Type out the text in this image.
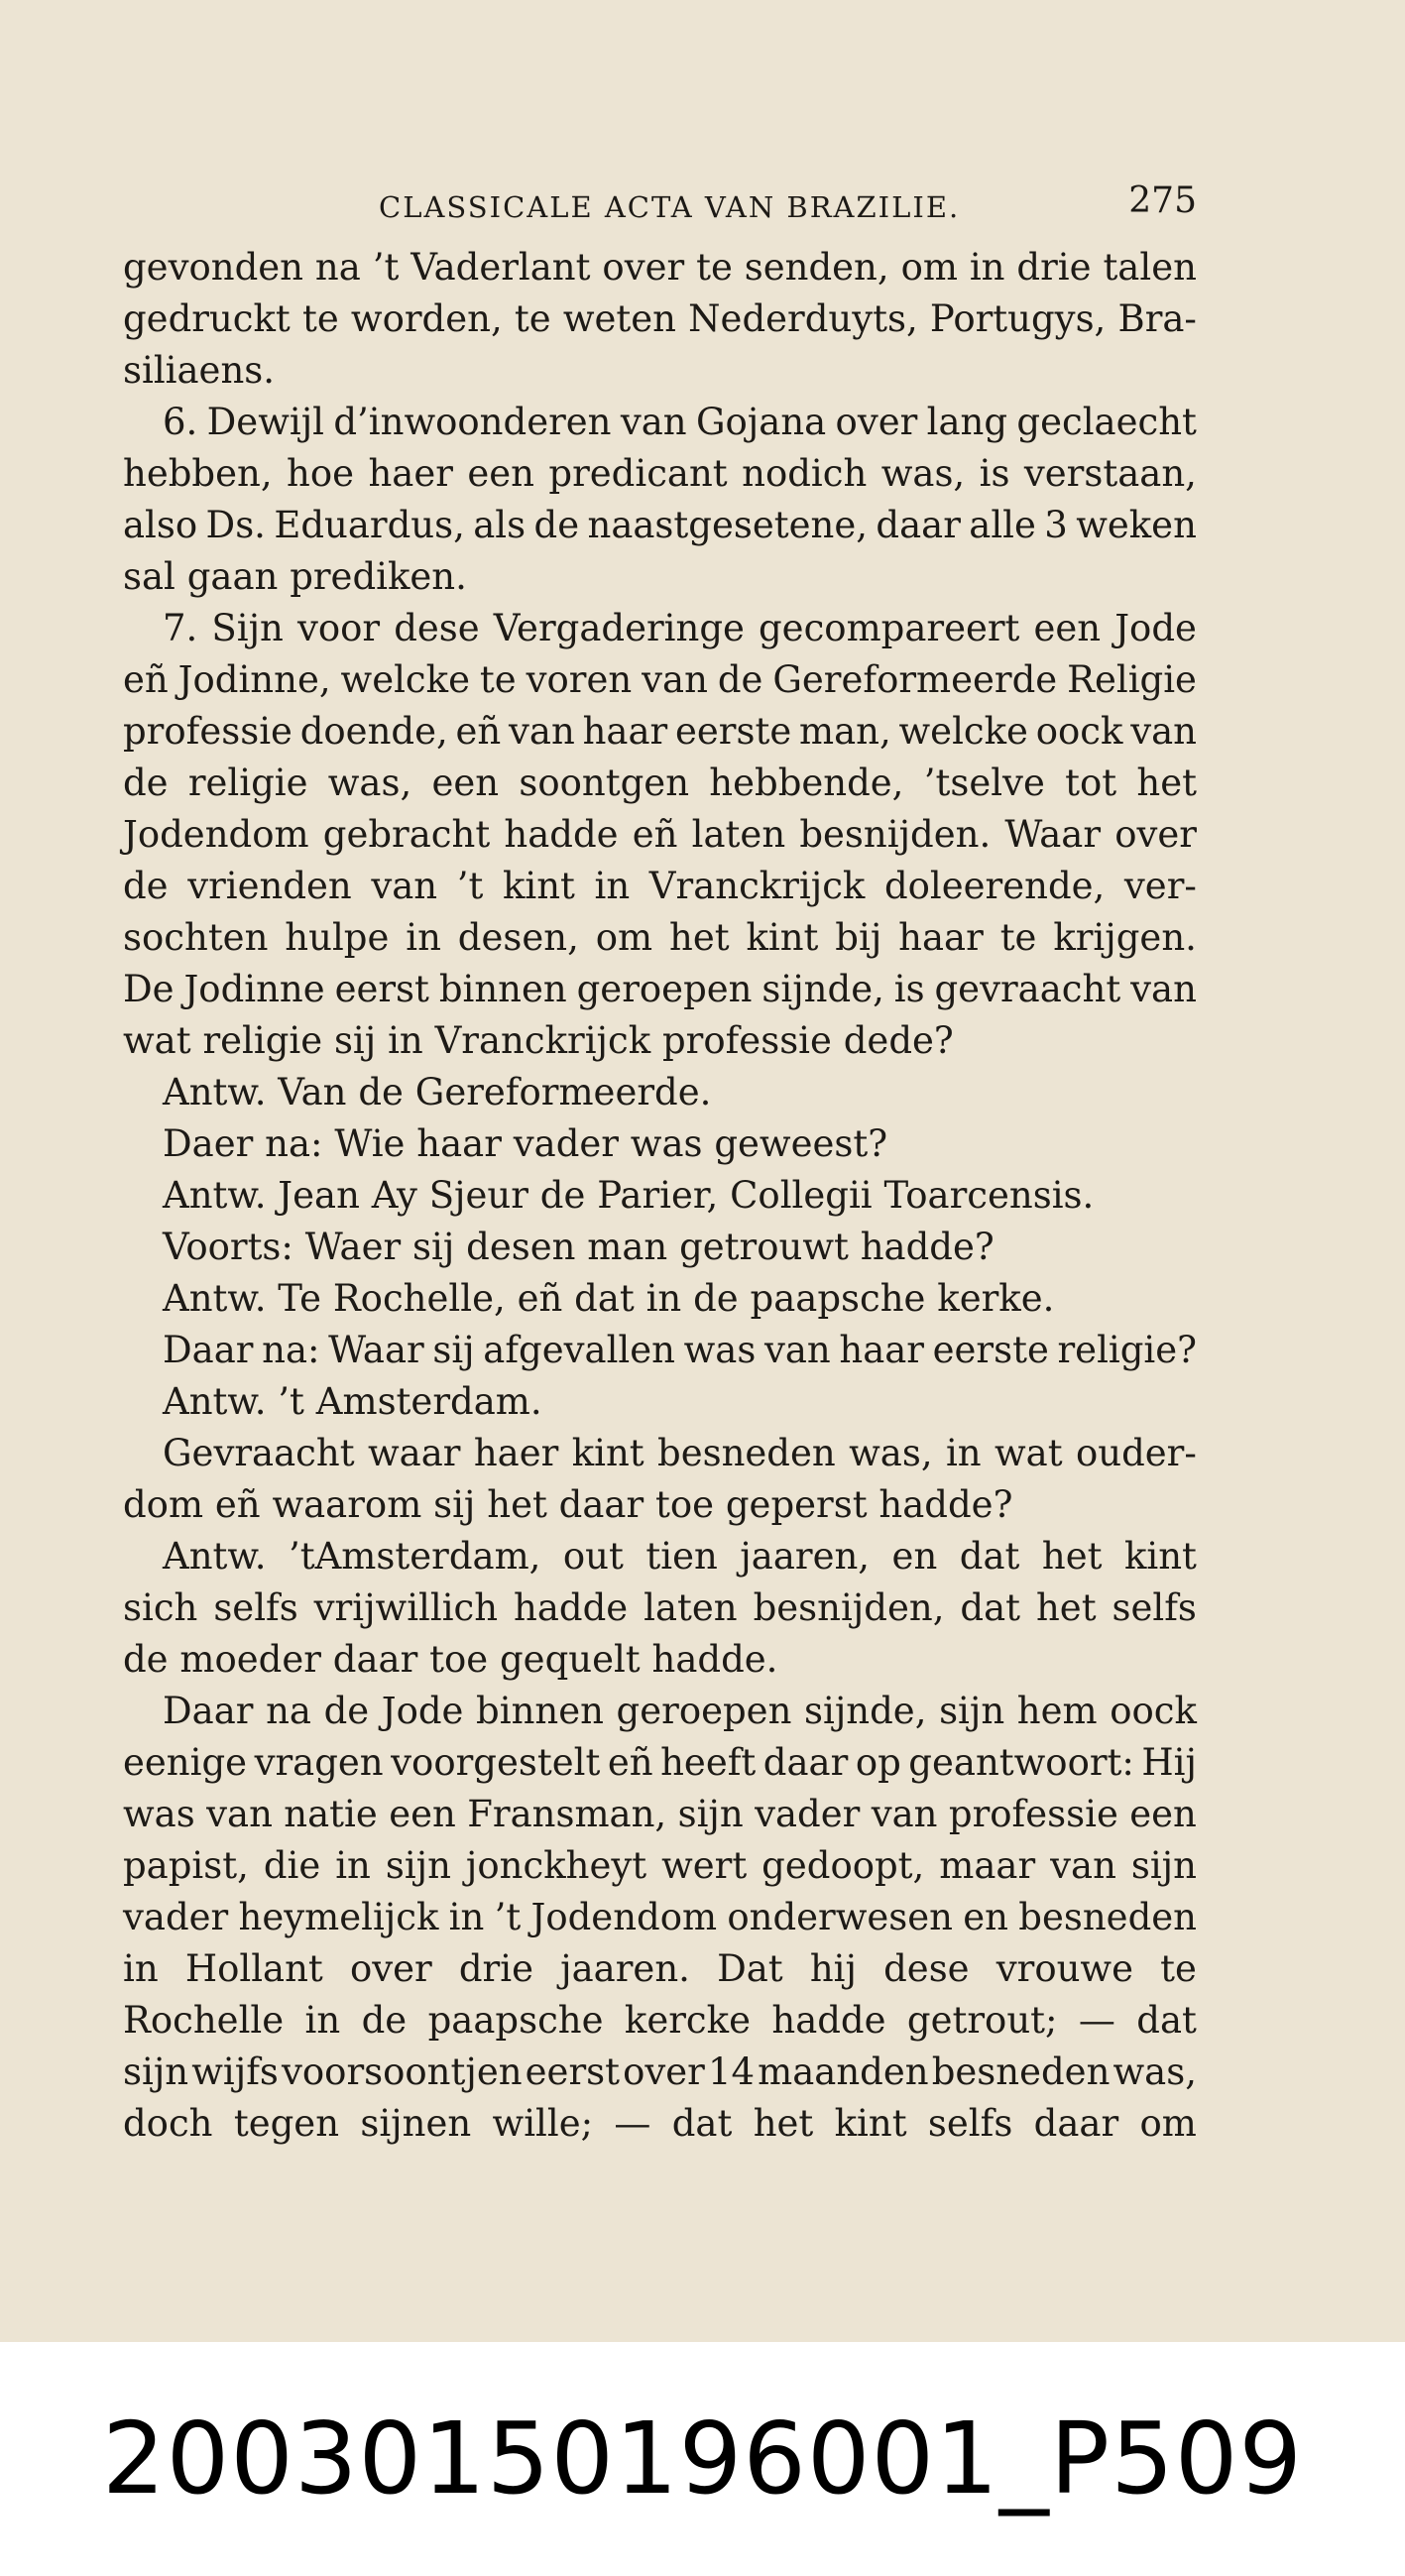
CLASSICALE ACTA VAN BRAZILIE.	275
gevonden na ’t Vaderlant over te senden, om in drie talen
gedruckt te worden, te weten Nederduyts, Portugys, Bra-
siliaens.
6. Dewijl d’inwoonderen van Gojana over lang geclaecht
hebben, hoe haer een predicant nodich was, is verstaan,
also Ds. Eduardus, als de naastgesetene, daar alle 3 weken
sal gaan prediken.
7. Sijn voor dese Vergaderinge gecompareert een Jode
eñ Jodinne, welcke te voren van de Gereformeerde Religie
professie doende, eñ van haar eerste man, welcke oock van
de religie was, een soontgen hebbende, ’tselve tot het
Jodendom gebracht hadde eñ laten besnijden. Waar over
de vrienden van ’t kint in Vranckrijck doleerende, ver-
sochten hulpe in desen, om het kint bij haar te krijgen.
De Jodinne eerst binnen geroepen sijnde, is gevraacht van
wat religie sij in Vranckrijck professie dede?
Antw. Van de Gereformeerde.
Daer na: Wie haar vader was geweest?
Antw. Jean Ay Sjeur de Parier, Collegii Toarcensis.
Voorts: Waer sij desen man getrouwt hadde?
Antw. Te Rochelle, eñ dat in de paapsche kerke.
Daar na: Waar sij afgevallen was van haar eerste religie?
Antw. ’t Amsterdam.
Gevraacht waar haer kint besneden was, in wat ouder-
dom eñ waarom sij het daar toe geperst hadde?
Antw. ’tAmsterdam, out tien jaaren, en dat het kint
sich selfs vrijwillich hadde laten besnijden, dat het selfs
de moeder daar toe gequelt hadde.
Daar na de Jode binnen geroepen sijnde, sijn hem oock
eenige vragen voorgestelt eñ heeft daar op geantwoort: Hij
was van natie een Fransman, sijn vader van professie een
papist, die in sijn jonckheyt wert gedoopt, maar van sijn
vader heymelijck in ’t Jodendom onderwesen en besneden
in Hollant over drie jaaren. Dat hij dese vrouwe te
Rochelle in de paapsche kercke hadde getrout; — dat
sijn wijfs voorsoontjen eerst over 14 maanden besneden was,
doch tegen sijnen wille; — dat het kint selfs daar om
20030150196001_P509
